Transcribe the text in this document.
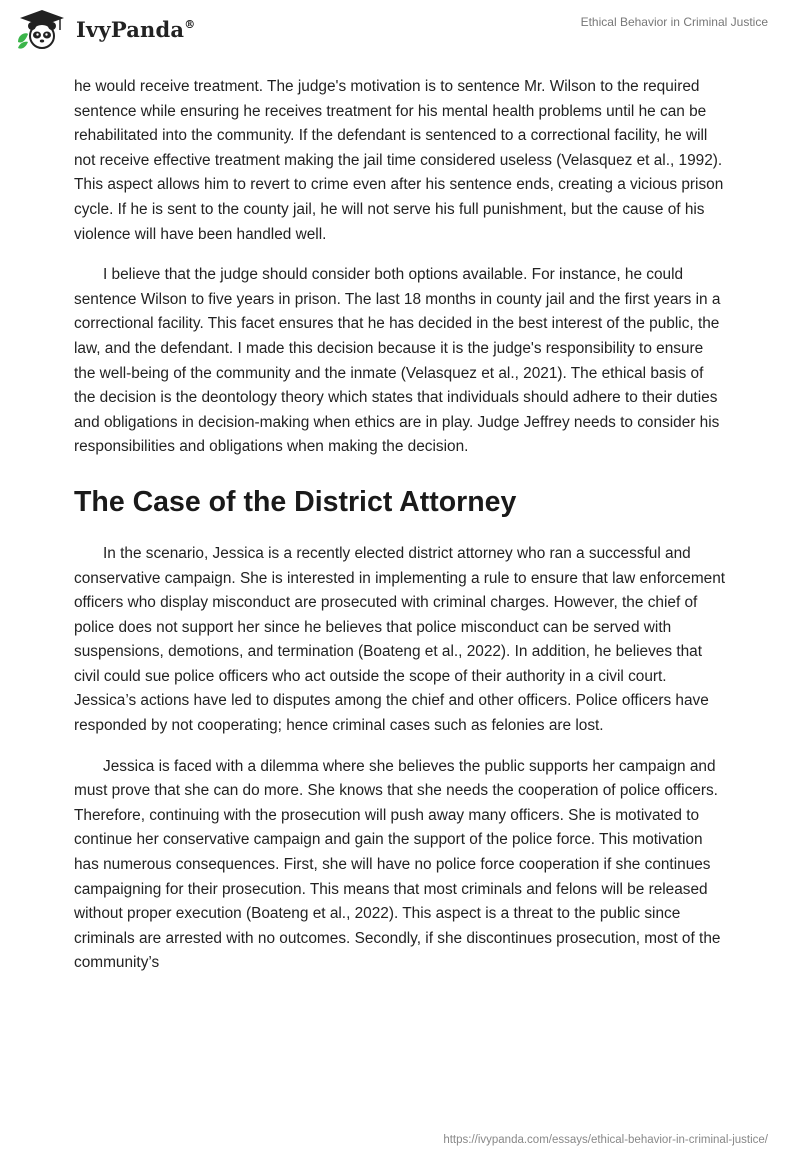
IvyPanda®	Ethical Behavior in Criminal Justice

he would receive treatment. The judge's motivation is to sentence Mr. Wilson to the required sentence while ensuring he receives treatment for his mental health problems until he can be rehabilitated into the community. If the defendant is sentenced to a correctional facility, he will not receive effective treatment making the jail time considered useless (Velasquez et al., 1992). This aspect allows him to revert to crime even after his sentence ends, creating a vicious prison cycle. If he is sent to the county jail, he will not serve his full punishment, but the cause of his violence will have been handled well.

I believe that the judge should consider both options available. For instance, he could sentence Wilson to five years in prison. The last 18 months in county jail and the first years in a correctional facility. This facet ensures that he has decided in the best interest of the public, the law, and the defendant. I made this decision because it is the judge's responsibility to ensure the well-being of the community and the inmate (Velasquez et al., 2021). The ethical basis of the decision is the deontology theory which states that individuals should adhere to their duties and obligations in decision-making when ethics are in play. Judge Jeffrey needs to consider his responsibilities and obligations when making the decision.

The Case of the District Attorney

In the scenario, Jessica is a recently elected district attorney who ran a successful and conservative campaign. She is interested in implementing a rule to ensure that law enforcement officers who display misconduct are prosecuted with criminal charges. However, the chief of police does not support her since he believes that police misconduct can be served with suspensions, demotions, and termination (Boateng et al., 2022). In addition, he believes that civil could sue police officers who act outside the scope of their authority in a civil court. Jessica’s actions have led to disputes among the chief and other officers. Police officers have responded by not cooperating; hence criminal cases such as felonies are lost.

Jessica is faced with a dilemma where she believes the public supports her campaign and must prove that she can do more. She knows that she needs the cooperation of police officers. Therefore, continuing with the prosecution will push away many officers. She is motivated to continue her conservative campaign and gain the support of the police force. This motivation has numerous consequences. First, she will have no police force cooperation if she continues campaigning for their prosecution. This means that most criminals and felons will be released without proper execution (Boateng et al., 2022). This aspect is a threat to the public since criminals are arrested with no outcomes. Secondly, if she discontinues prosecution, most of the community’s

https://ivypanda.com/essays/ethical-behavior-in-criminal-justice/
